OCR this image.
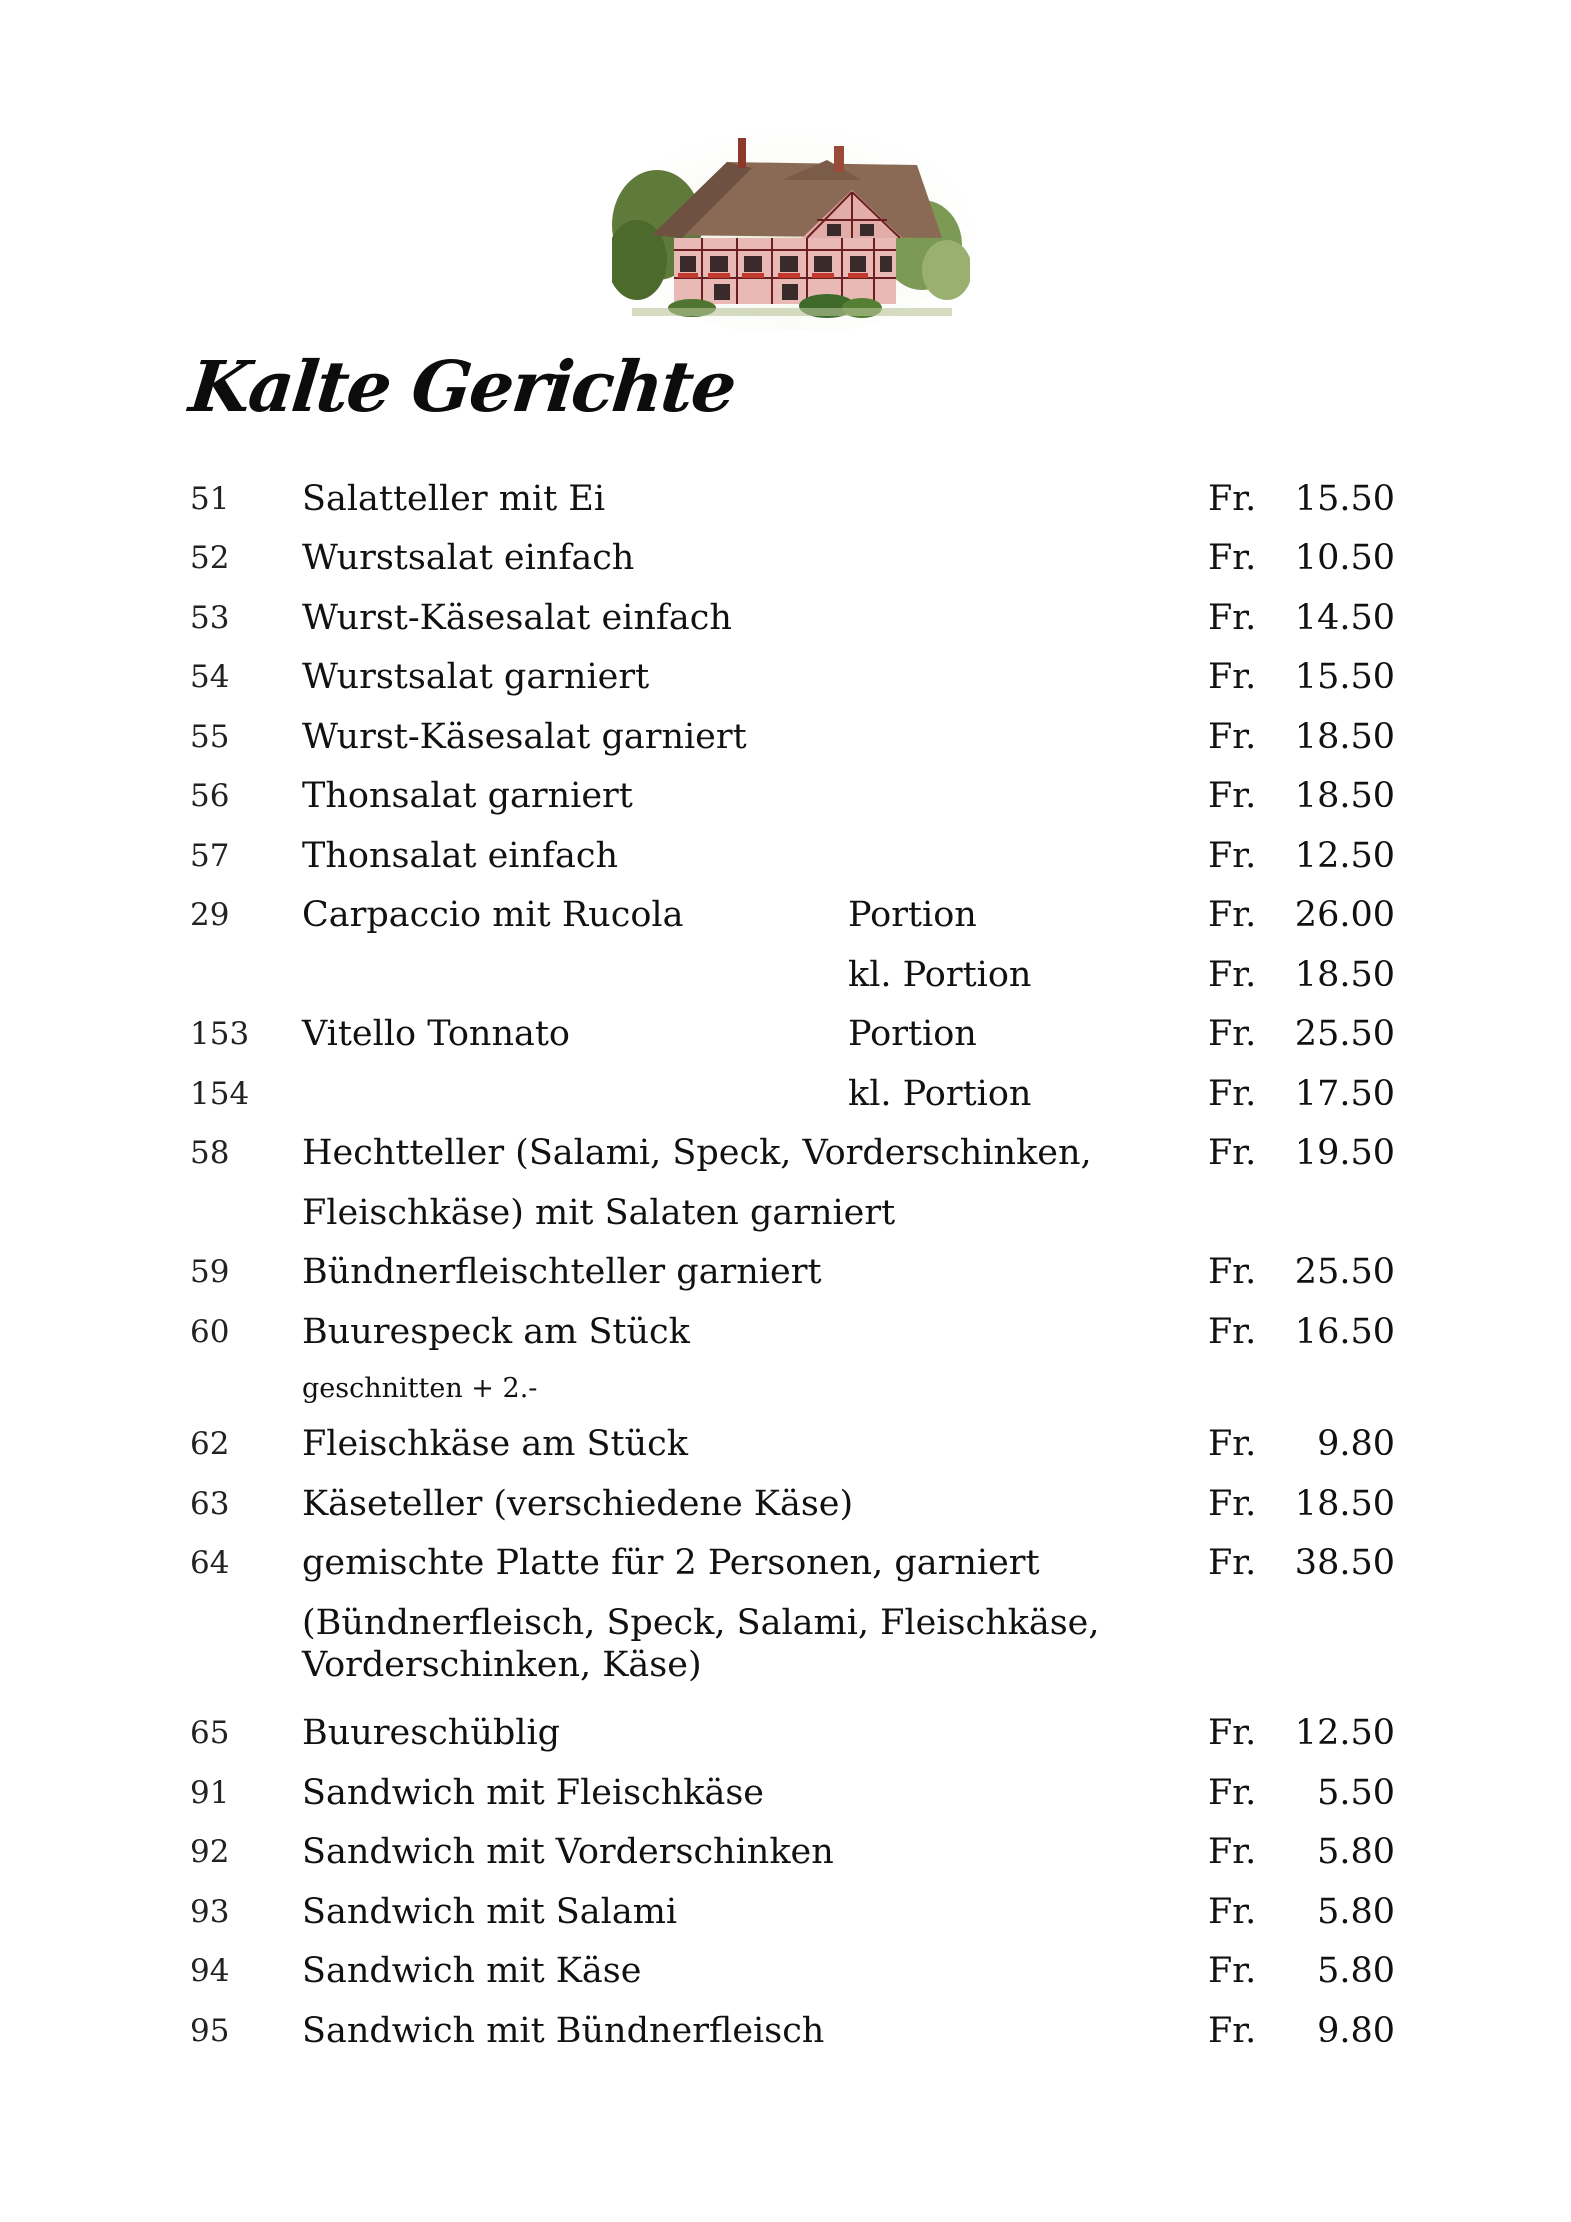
Kalte Gerichte
51 Salatteller mit Ei	Fr. 15.50
52 Wurstsalat einfach	Fr. 10.50
53 Wurst-Käsesalat einfach	Fr. 14.50
54 Wurstsalat garniert	Fr. 15.50
55 Wurst-Käsesalat garniert	Fr. 18.50
56 Thonsalat garniert	Fr. 18.50
57 Thonsalat einfach	Fr. 12.50
29 Carpaccio mit Rucola	Portion	Fr. 26.00
kl. Portion	Fr. 18.50
153 Vitello Tonnato	Portion	Fr. 25.50
154	kl. Portion	Fr. 17.50
58 Hechtteller (Salami, Speck, Vorderschinken,	Fr. 19.50
Fleischkäse) mit Salaten garniert
59 Bündnerfleischteller garniert	Fr. 25.50
60 Buurespeck am Stück	Fr. 16.50
geschnitten + 2.-
62 Fleischkäse am Stück	Fr. 9.80
63 Käseteller (verschiedene Käse)	Fr. 18.50
64 gemischte Platte für 2 Personen, garniert	Fr. 38.50
(Bündnerfleisch, Speck, Salami, Fleischkäse,
Vorderschinken, Käse)
65 Buureschüblig	Fr. 12.50
91 Sandwich mit Fleischkäse	Fr. 5.50
92 Sandwich mit Vorderschinken	Fr. 5.80
93 Sandwich mit Salami	Fr. 5.80
94 Sandwich mit Käse	Fr. 5.80
95 Sandwich mit Bündnerfleisch	Fr. 9.80
